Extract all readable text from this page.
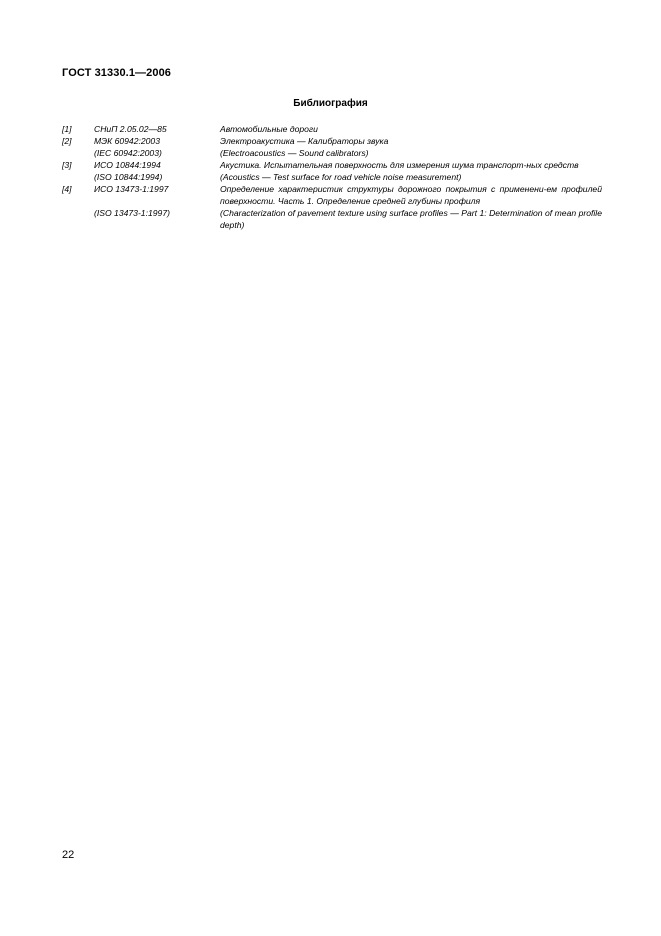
ГОСТ 31330.1—2006
Библиография
[1]	СНиП 2.05.02—85	Автомобильные дороги
[2]	МЭК 60942:2003	Электроакустика — Калибраторы звука
(IEC 60942:2003)	(Electroacoustics — Sound calibrators)
[3]	ИСО 10844:1994	Акустика. Испытательная поверхность для измерения шума транспорт-ных средств
(ISO 10844:1994)	(Acoustics — Test surface for road vehicle noise measurement)
[4]	ИСО 13473-1:1997	Определение характеристик структуры дорожного покрытия с применени-ем профилей поверхности. Часть 1. Определение средней глубины профиля
(ISO 13473-1:1997)	(Characterization of pavement texture using surface profiles — Part 1: Determination of mean profile depth)
22
